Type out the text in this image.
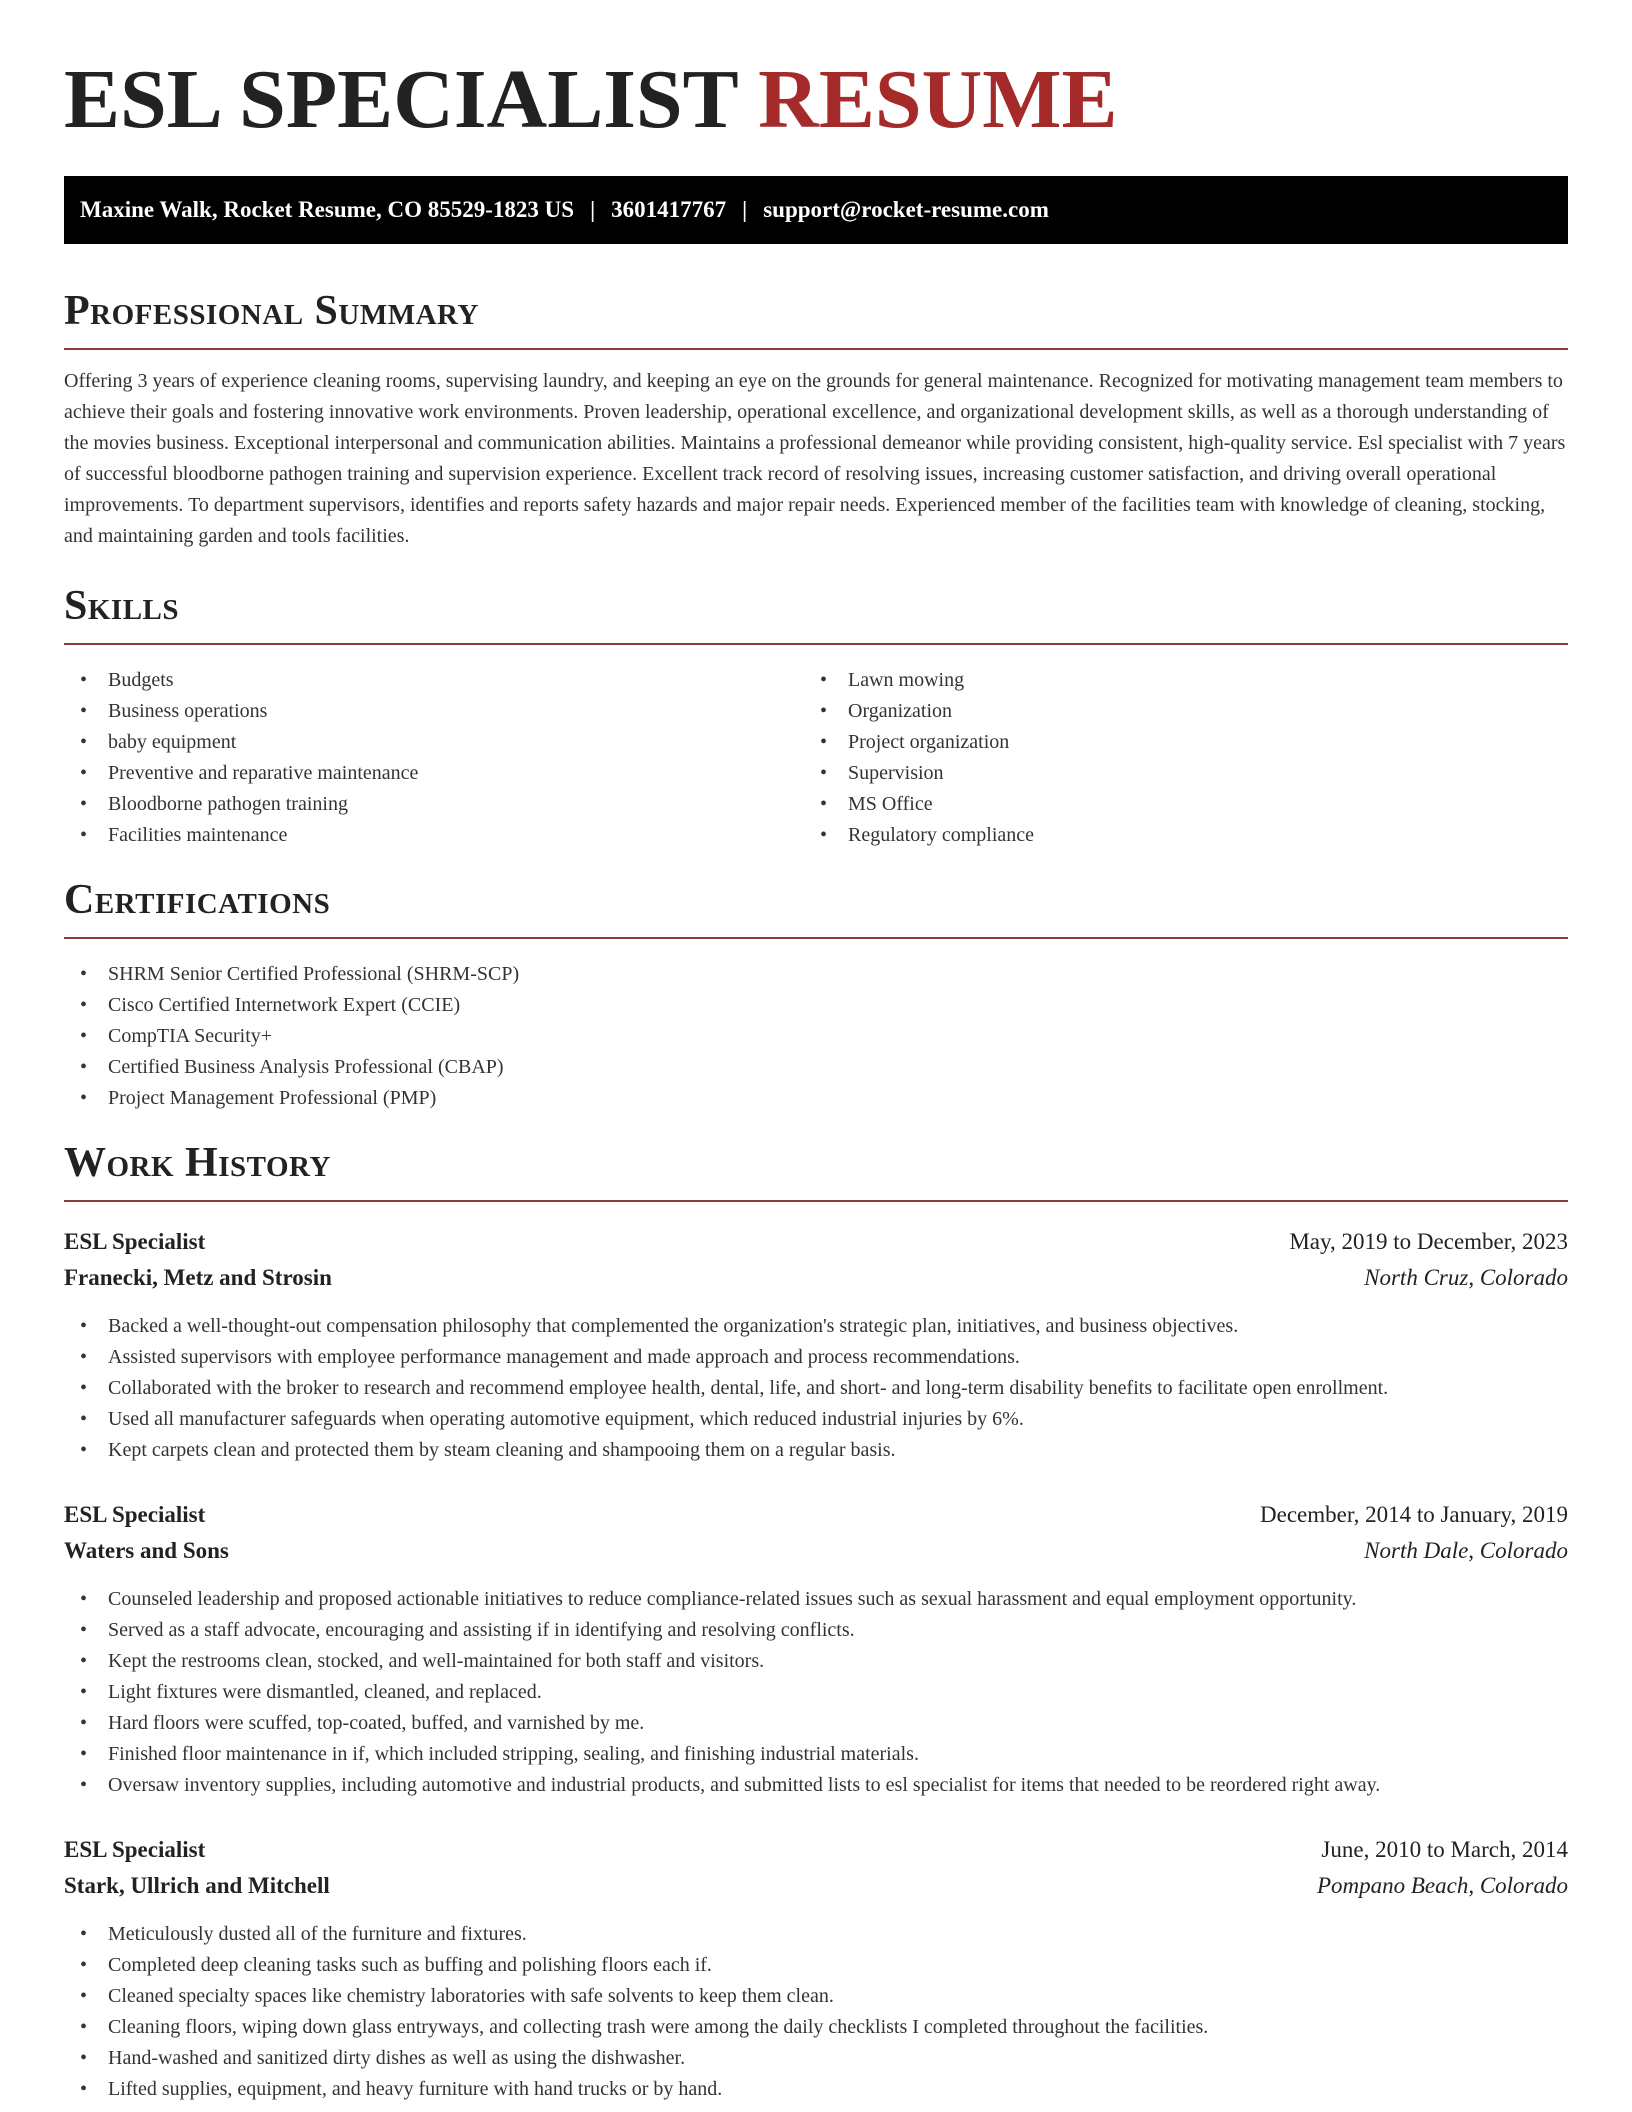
ESL SPECIALIST RESUME
Maxine Walk, Rocket Resume, CO 85529-1823 US | 3601417767 | support@rocket-resume.com
Professional Summary

Offering 3 years of experience cleaning rooms, supervising laundry, and keeping an eye on the grounds for general maintenance. Recognized for motivating management team members to achieve their goals and fostering innovative work environments. Proven leadership, operational excellence, and organizational development skills, as well as a thorough understanding of the movies business. Exceptional interpersonal and communication abilities. Maintains a professional demeanor while providing consistent, high-quality service. Esl specialist with 7 years of successful bloodborne pathogen training and supervision experience. Excellent track record of resolving issues, increasing customer satisfaction, and driving overall operational improvements. To department supervisors, identifies and reports safety hazards and major repair needs. Experienced member of the facilities team with knowledge of cleaning, stocking, and maintaining garden and tools facilities.

Skills
• Budgets
• Business operations
• baby equipment
• Preventive and reparative maintenance
• Bloodborne pathogen training
• Facilities maintenance
• Lawn mowing
• Organization
• Project organization
• Supervision
• MS Office
• Regulatory compliance
Certifications
• SHRM Senior Certified Professional (SHRM-SCP)
• Cisco Certified Internetwork Expert (CCIE)
• CompTIA Security+
• Certified Business Analysis Professional (CBAP)
• Project Management Professional (PMP)
Work History
ESL Specialist	May, 2019 to December, 2023
Franecki, Metz and Strosin	North Cruz, Colorado
• Backed a well-thought-out compensation philosophy that complemented the organization's strategic plan, initiatives, and business objectives.
• Assisted supervisors with employee performance management and made approach and process recommendations.
• Collaborated with the broker to research and recommend employee health, dental, life, and short- and long-term disability benefits to facilitate open enrollment.
• Used all manufacturer safeguards when operating automotive equipment, which reduced industrial injuries by 6%.
• Kept carpets clean and protected them by steam cleaning and shampooing them on a regular basis.
ESL Specialist	December, 2014 to January, 2019
Waters and Sons	North Dale, Colorado
• Counseled leadership and proposed actionable initiatives to reduce compliance-related issues such as sexual harassment and equal employment opportunity.
• Served as a staff advocate, encouraging and assisting if in identifying and resolving conflicts.
• Kept the restrooms clean, stocked, and well-maintained for both staff and visitors.
• Light fixtures were dismantled, cleaned, and replaced.
• Hard floors were scuffed, top-coated, buffed, and varnished by me.
• Finished floor maintenance in if, which included stripping, sealing, and finishing industrial materials.
• Oversaw inventory supplies, including automotive and industrial products, and submitted lists to esl specialist for items that needed to be reordered right away.
ESL Specialist	June, 2010 to March, 2014
Stark, Ullrich and Mitchell	Pompano Beach, Colorado
• Meticulously dusted all of the furniture and fixtures.
• Completed deep cleaning tasks such as buffing and polishing floors each if.
• Cleaned specialty spaces like chemistry laboratories with safe solvents to keep them clean.
• Cleaning floors, wiping down glass entryways, and collecting trash were among the daily checklists I completed throughout the facilities.
• Hand-washed and sanitized dirty dishes as well as using the dishwasher.
• Lifted supplies, equipment, and heavy furniture with hand trucks or by hand.
